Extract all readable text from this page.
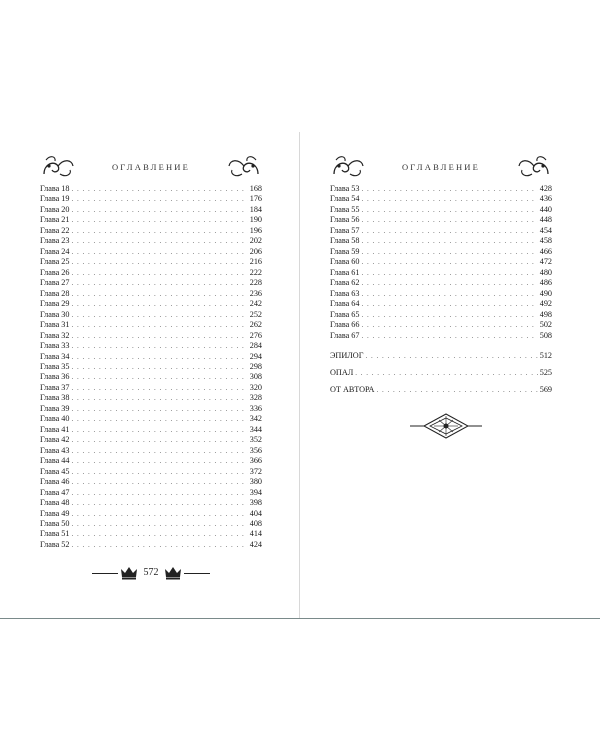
ОГЛАВЛЕНИЕ
Глава 18 . . .	168
Глава 19 . . .	176
Глава 20 . . .	184
Глава 21 . . .	190
Глава 22 . . .	196
Глава 23 . . .	202
Глава 24 . . .	206
Глава 25 . . .	216
Глава 26 . . .	222
Глава 27 . . .	228
Глава 28 . . .	236
Глава 29 . . .	242
Глава 30 . . .	252
Глава 31 . . .	262
Глава 32 . . .	276
Глава 33 . . .	284
Глава 34 . . .	294
Глава 35 . . .	298
Глава 36 . . .	308
Глава 37 . . .	320
Глава 38 . . .	328
Глава 39 . . .	336
Глава 40 . . .	342
Глава 41 . . .	344
Глава 42 . . .	352
Глава 43 . . .	356
Глава 44 . . .	366
Глава 45 . . .	372
Глава 46 . . .	380
Глава 47 . . .	394
Глава 48 . . .	398
Глава 49 . . .	404
Глава 50 . . .	408
Глава 51 . . .	414
Глава 52 . . .	424
572
ОГЛАВЛЕНИЕ
Глава 53 . . .	428
Глава 54 . . .	436
Глава 55 . . .	440
Глава 56 . . .	448
Глава 57 . . .	454
Глава 58 . . .	458
Глава 59 . . .	466
Глава 60 . . .	472
Глава 61 . . .	480
Глава 62 . . .	486
Глава 63 . . .	490
Глава 64 . . .	492
Глава 65 . . .	498
Глава 66 . . .	502
Глава 67 . . .	508
ЭПИЛОГ . . .	512
ОПАЛ . . .	525
ОТ АВТОРА . . .	569
